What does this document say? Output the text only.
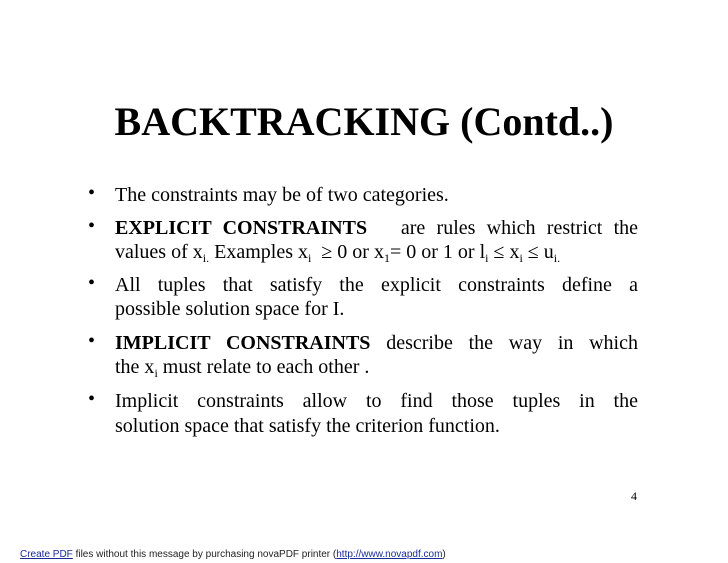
BACKTRACKING (Contd..)
• The constraints may be of two categories.
• EXPLICIT CONSTRAINTS are rules which restrict the
values of $x_{i.}$ Examples $x_i \ge 0$ or $x_1= 0$ or 1 or $l_i \le x_i \le u_{i.}$
• All tuples that satisfy the explicit constraints define a
possible solution space for I.
• IMPLICIT CONSTRAINTS describe the way in which
the $x_i$ must relate to each other .
• Implicit constraints allow to find those tuples in the
solution space that satisfy the criterion function.
4
Create PDF files without this message by purchasing novaPDF printer (http://www.novapdf.com)
